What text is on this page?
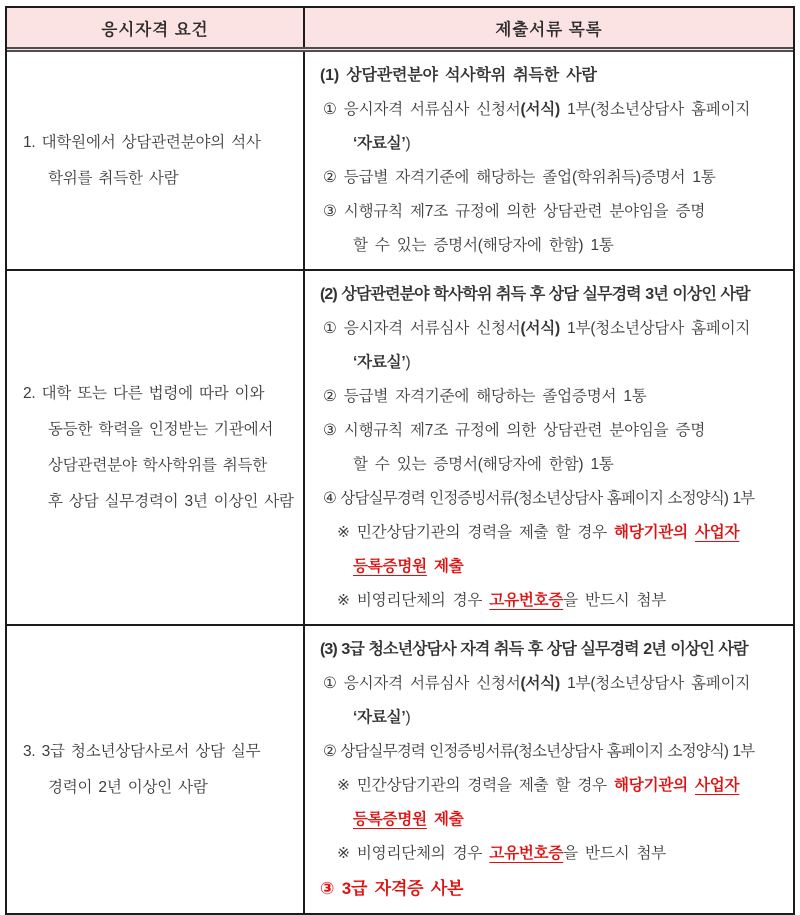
응시자격 요건	제출서류 목록
1. 대학원에서 상담관련분야의 석사
학위를 취득한 사람
(1) 상담관련분야 석사학위 취득한 사람
① 응시자격 서류심사 신청서(서식) 1부(청소년상담사 홈페이지
‘자료실’)
② 등급별 자격기준에 해당하는 졸업(학위취득)증명서 1통
③ 시행규칙 제7조 규정에 의한 상담관련 분야임을 증명
할 수 있는 증명서(해당자에 한함) 1통
2. 대학 또는 다른 법령에 따라 이와
동등한 학력을 인정받는 기관에서
상담관련분야 학사학위를 취득한
후 상담 실무경력이 3년 이상인 사람
(2) 상담관련분야 학사학위 취득 후 상담 실무경력 3년 이상인 사람
① 응시자격 서류심사 신청서(서식) 1부(청소년상담사 홈페이지
‘자료실’)
② 등급별 자격기준에 해당하는 졸업증명서 1통
③ 시행규칙 제7조 규정에 의한 상담관련 분야임을 증명
할 수 있는 증명서(해당자에 한함) 1통
④ 상담실무경력 인정증빙서류(청소년상담사 홈페이지 소정양식) 1부
※ 민간상담기관의 경력을 제출 할 경우 해당기관의 사업자
등록증명원 제출
※ 비영리단체의 경우 고유번호증을 반드시 첨부
3. 3급 청소년상담사로서 상담 실무
경력이 2년 이상인 사람
(3) 3급 청소년상담사 자격 취득 후 상담 실무경력 2년 이상인 사람
① 응시자격 서류심사 신청서(서식) 1부(청소년상담사 홈페이지
‘자료실’)
② 상담실무경력 인정증빙서류(청소년상담사 홈페이지 소정양식) 1부
※ 민간상담기관의 경력을 제출 할 경우 해당기관의 사업자
등록증명원 제출
※ 비영리단체의 경우 고유번호증을 반드시 첨부
③ 3급 자격증 사본
